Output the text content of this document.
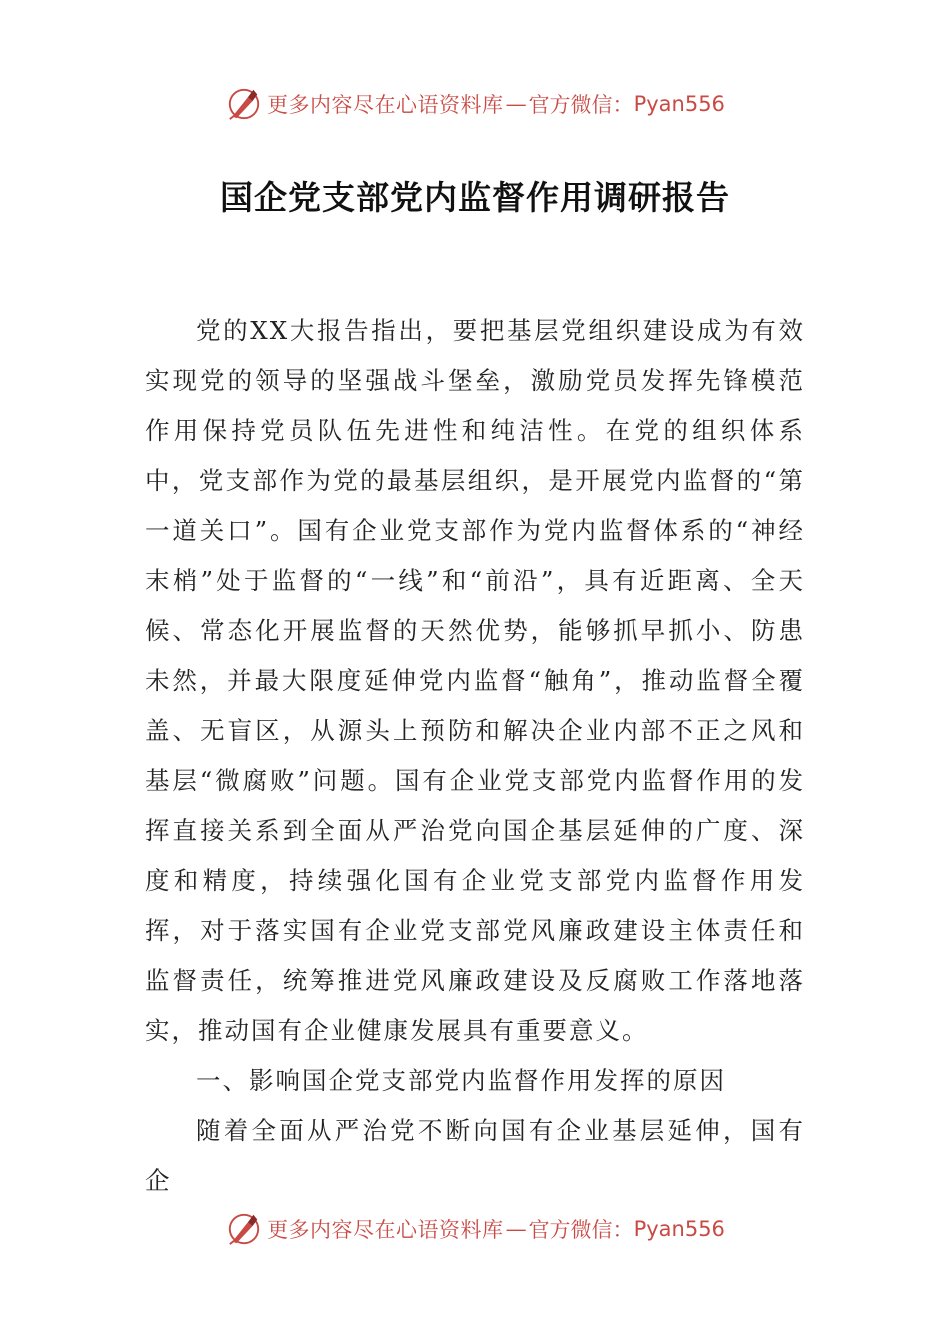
更多内容尽在心语资料库 — 官方微信： Pyan556
国企党支部党内监督作用调研报告

党的XX大报告指出，要把基层党组织建设成为有效实现党的领导的坚强战斗堡垒，激励党员发挥先锋模范作用保持党员队伍先进性和纯洁性。在党的组织体系中，党支部作为党的最基层组织，是开展党内监督的“第一道关口”。国有企业党支部作为党内监督体系的“神经末梢”处于监督的“一线”和“前沿”，具有近距离、全天候、常态化开展监督的天然优势，能够抓早抓小、防患未然，并最大限度延伸党内监督“触角”，推动监督全覆盖、无盲区，从源头上预防和解决企业内部不正之风和基层“微腐败”问题。国有企业党支部党内监督作用的发挥直接关系到全面从严治党向国企基层延伸的广度、深度和精度，持续强化国有企业党支部党内监督作用发挥，对于落实国有企业党支部党风廉政建设主体责任和监督责任，统筹推进党风廉政建设及反腐败工作落地落实，推动国有企业健康发展具有重要意义。

一、影响国企党支部党内监督作用发挥的原因

随着全面从严治党不断向国有企业基层延伸，国有企

更多内容尽在心语资料库 — 官方微信： Pyan556
